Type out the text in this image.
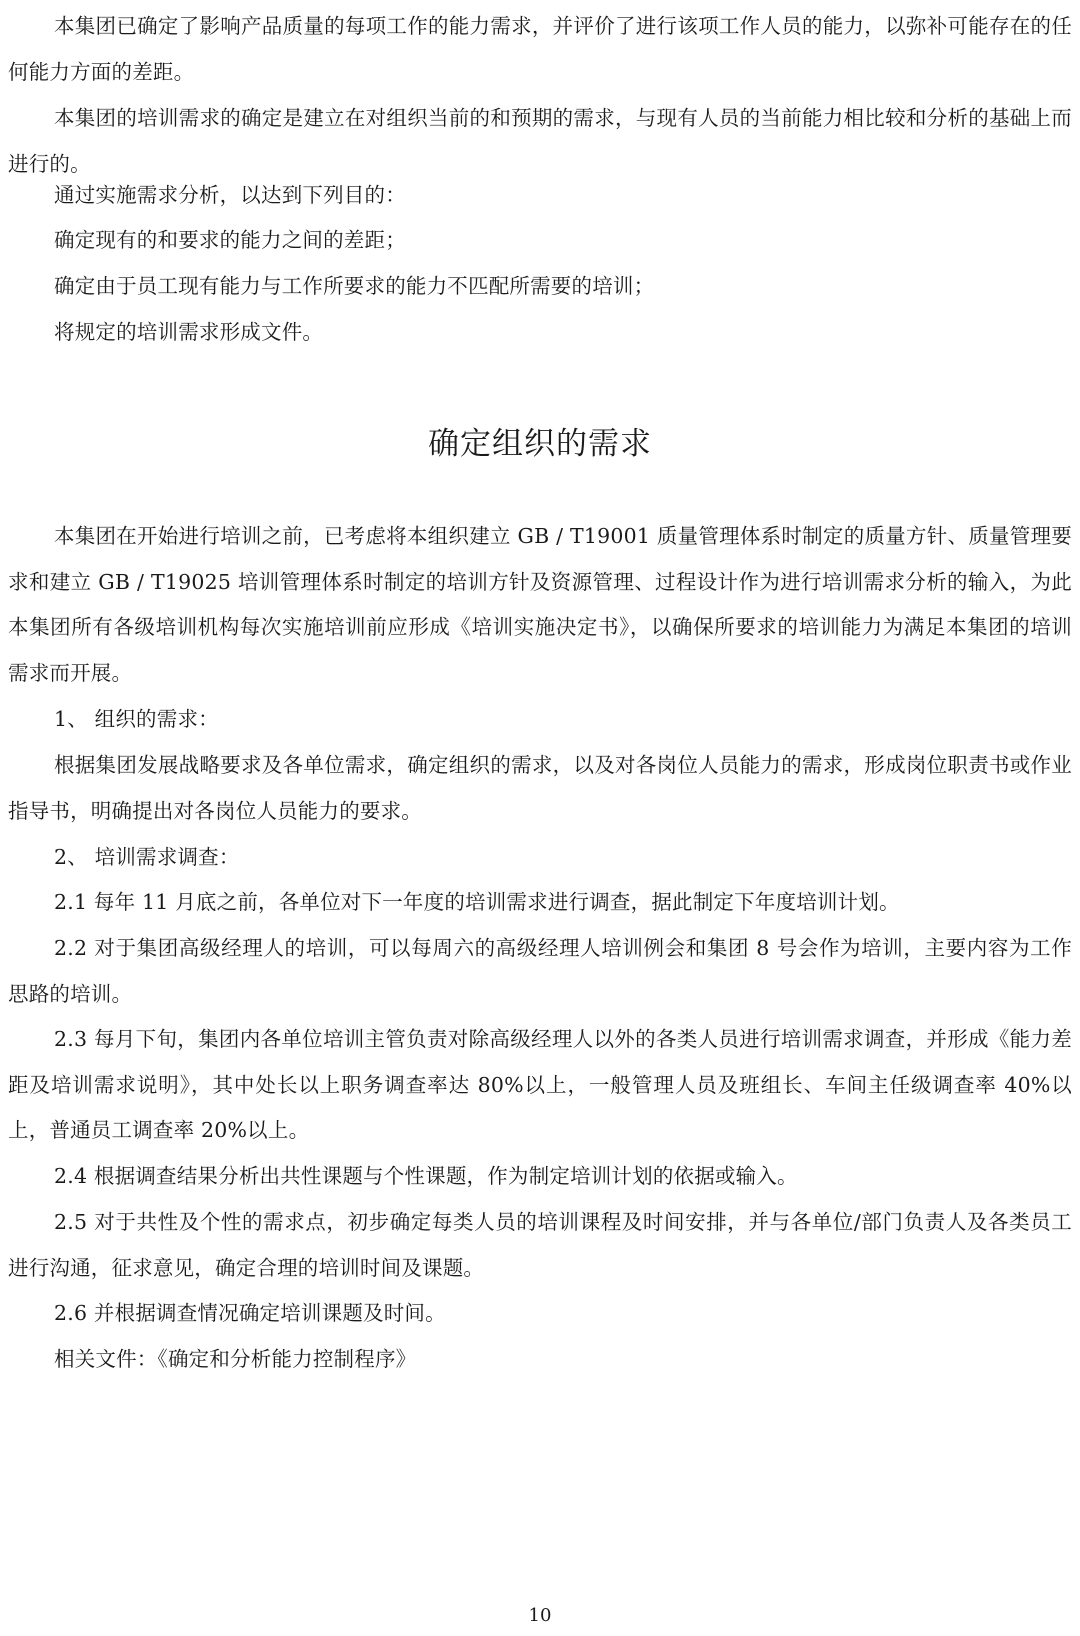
本集团已确定了影响产品质量的每项工作的能力需求，并评价了进行该项工作人员的能力，以弥补可能存在的任何能力方面的差距。

本集团的培训需求的确定是建立在对组织当前的和预期的需求，与现有人员的当前能力相比较和分析的基础上而进行的。

通过实施需求分析，以达到下列目的：

确定现有的和要求的能力之间的差距；

确定由于员工现有能力与工作所要求的能力不匹配所需要的培训；

将规定的培训需求形成文件。

确定组织的需求

本集团在开始进行培训之前，已考虑将本组织建立 GB / T19001 质量管理体系时制定的质量方针、质量管理要求和建立 GB / T19025 培训管理体系时制定的培训方针及资源管理、过程设计作为进行培训需求分析的输入，为此本集团所有各级培训机构每次实施培训前应形成《培训实施决定书》，以确保所要求的培训能力为满足本集团的培训需求而开展。

1、 组织的需求：

根据集团发展战略要求及各单位需求，确定组织的需求，以及对各岗位人员能力的需求，形成岗位职责书或作业指导书，明确提出对各岗位人员能力的要求。

2、 培训需求调查：

2.1 每年 11 月底之前，各单位对下一年度的培训需求进行调查，据此制定下年度培训计划。

2.2 对于集团高级经理人的培训，可以每周六的高级经理人培训例会和集团 8 号会作为培训，主要内容为工作思路的培训。

2.3 每月下旬，集团内各单位培训主管负责对除高级经理人以外的各类人员进行培训需求调查，并形成《能力差距及培训需求说明》，其中处长以上职务调查率达 80%以上，一般管理人员及班组长、车间主任级调查率 40%以上，普通员工调查率 20%以上。

2.4 根据调查结果分析出共性课题与个性课题，作为制定培训计划的依据或输入。

2.5 对于共性及个性的需求点，初步确定每类人员的培训课程及时间安排，并与各单位/部门负责人及各类员工进行沟通，征求意见，确定合理的培训时间及课题。

2.6 并根据调查情况确定培训课题及时间。

相关文件：《确定和分析能力控制程序》

10
